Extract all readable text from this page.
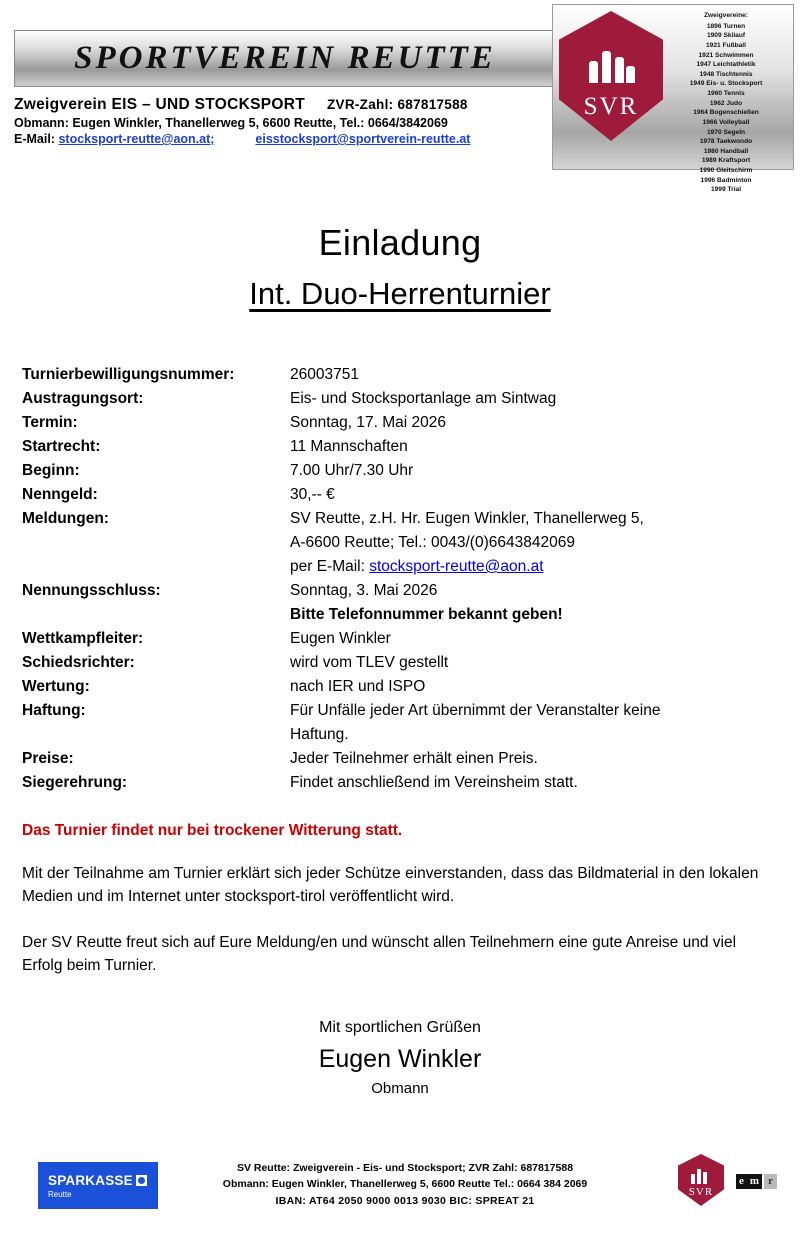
SPORTVEREIN REUTTE
Zweigverein EIS – UND STOCKSPORT ZVR-Zahl: 687817588
Obmann: Eugen Winkler, Thanellerweg 5, 6600 Reutte, Tel.: 0664/3842069
E-Mail: stocksport-reutte@aon.at;	eisstocksport@sportverein-reutte.at
SVR
Zweigvereine:
1896 Turnen
1909 Skilauf
1921 Fußball
1921 Schwimmen
1947 Leichtathletik
1948 Tischtennis
1949 Eis- u. Stocksport
1960 Tennis
1962 Judo
1964 Bogenschießen
1966 Volleyball
1970 Segeln
1978 Taekwondo
1980 Handball
1989 Kraftsport
1990 Gleitschirm
1996 Badminton
1999 Trial
Einladung
Int. Duo-Herrenturnier
Turnierbewilligungsnummer:	26003751
Austragungsort:	Eis- und Stocksportanlage am Sintwag
Termin:	Sonntag, 17. Mai 2026
Startrecht:	11 Mannschaften
Beginn:	7.00 Uhr/7.30 Uhr
Nenngeld:	30,-- €
Meldungen:	SV Reutte, z.H. Hr. Eugen Winkler, Thanellerweg 5,
A-6600 Reutte; Tel.: 0043/(0)6643842069
per E-Mail: stocksport-reutte@aon.at
Nennungsschluss:	Sonntag, 3. Mai 2026
Bitte Telefonnummer bekannt geben!
Wettkampfleiter:	Eugen Winkler
Schiedsrichter:	wird vom TLEV gestellt
Wertung:	nach IER und ISPO
Haftung:	Für Unfälle jeder Art übernimmt der Veranstalter keine
Haftung.
Preise:	Jeder Teilnehmer erhält einen Preis.
Siegerehrung:	Findet anschließend im Vereinsheim statt.
Das Turnier findet nur bei trockener Witterung statt.
Mit der Teilnahme am Turnier erklärt sich jeder Schütze einverstanden, dass das Bildmaterial in den lokalen Medien und im Internet unter stocksport-tirol veröffentlicht wird.
Der SV Reutte freut sich auf Eure Meldung/en und wünscht allen Teilnehmern eine gute Anreise und viel Erfolg beim Turnier.
Mit sportlichen Grüßen
Eugen Winkler
Obmann
SPARKASSE
Reutte
SV Reutte: Zweigverein - Eis- und Stocksport; ZVR Zahl: 687817588
Obmann: Eugen Winkler, Thanellerweg 5, 6600 Reutte Tel.: 0664 384 2069
IBAN: AT64 2050 9000 0013 9030 BIC: SPREAT 21
SVR
e m r
